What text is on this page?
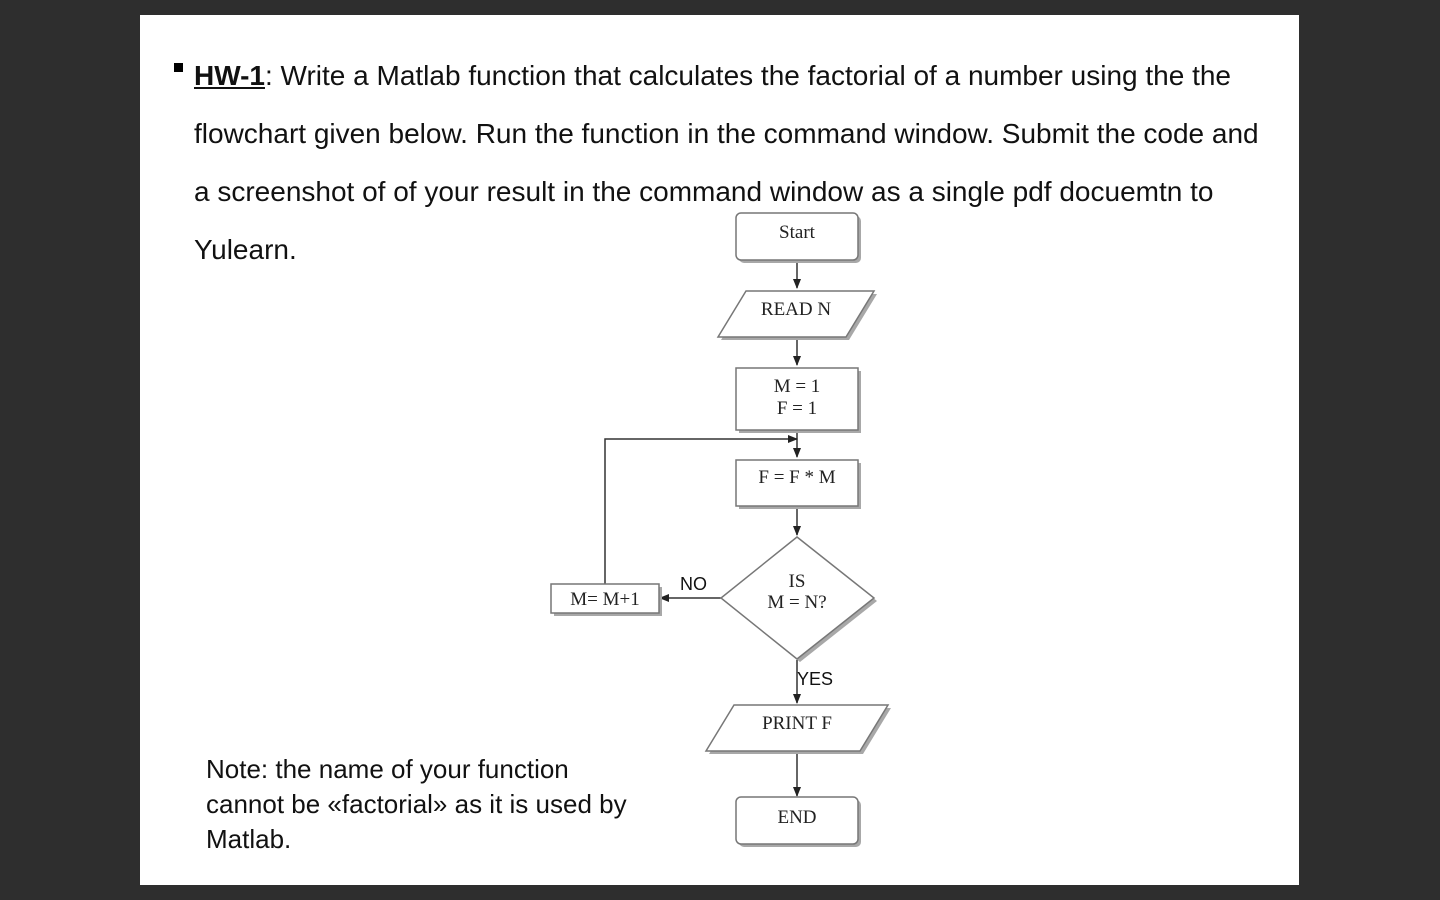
HW-1: Write a Matlab function that calculates the factorial of a number using the the flowchart given below. Run the function in the command window. Submit the code and a screenshot of of your result in the command window as a single pdf docuemtn to Yulearn.
Note: the name of your function cannot be «factorial» as it is used by Matlab.
Start
READ N
M = 1
F = 1
F = F * M
IS
M = N?
M= M+1
NO
YES
PRINT F
END
